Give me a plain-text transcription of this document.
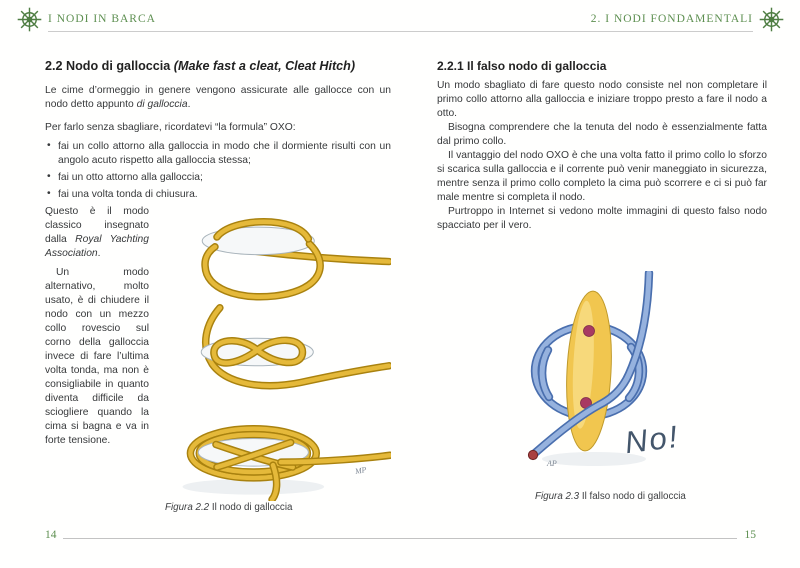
I NODI IN BARCA	2. I NODI FONDAMENTALI
2.2 Nodo di galloccia (Make fast a cleat, Cleat Hitch)

Le cime d’ormeggio in genere vengono assicurate alle gallocce con un nodo detto appunto di galloccia.

Per farlo senza sbagliare, ricordatevi “la formula” OXO:

• fai un collo attorno alla galloccia in modo che il dormiente risulti con un angolo acuto rispetto alla galloccia stessa;
• fai un otto attorno alla galloccia;
• fai una volta tonda di chiusura.
MP

Questo è il modo classico insegnato dalla Royal Yachting Association.

Un modo alternativo, molto usato, è di chiudere il nodo con un mezzo collo rovescio sul corno della galloccia invece di fare l’ultima volta tonda, ma non è consigliabile in quanto diventa difficile da sciogliere quando la cima si bagna e va in forte tensione.

Figura 2.2 Il nodo di galloccia
2.2.1 Il falso nodo di galloccia

Un modo sbagliato di fare questo nodo consiste nel non completare il primo collo attorno alla galloccia e iniziare troppo presto a fare il nodo a otto.

Bisogna comprendere che la tenuta del nodo è essenzialmente fatta dal primo collo.

Il vantaggio del nodo OXO è che una volta fatto il primo collo lo sforzo si scarica sulla galloccia e il corrente può venir maneggiato in sicurezza, mentre senza il primo collo completo la cima può scorrere e ci si può far male mentre si completa il nodo.

Purtroppo in Internet si vedono molte immagini di questo falso nodo spacciato per il vero.

AP
No!
Figura 2.3 Il falso nodo di galloccia
14	15
